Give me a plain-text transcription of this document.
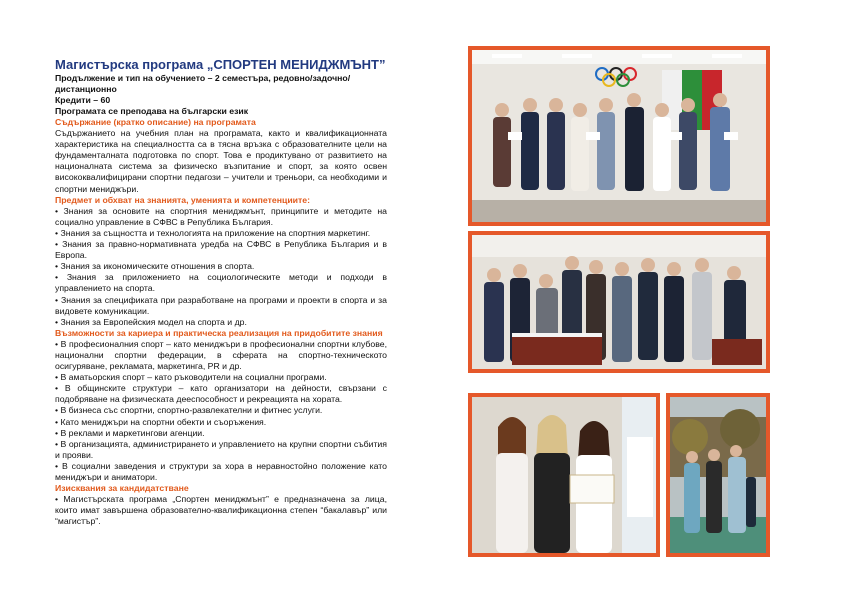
Магистърска програма „СПОРТЕН МЕНИДЖМЪНТ”
Продължение и тип на обучението – 2 семестъра, редовно/задочно/дистанционно
Кредити – 60
Програмата се преподава на български език
Съдържание (кратко описание) на програмата
Съдържанието на учебния план на програмата, както и квалификационната характеристика на специалността са в тясна връзка с образователните цели на фундаменталната подготовка по спорт. Това е продиктувано от развитието на националната система за физическо възпитание и спорт, за която освен висококвалифицирани спортни педагози – учители и треньори, са необходими и спортни мениджъри.
Предмет и обхват на знанията, уменията и компетенциите:
• Знания за основите на спортния мениджмънт, принципите и методите на социално управление в СФВС в Република България.
• Знания за същността и технологията на приложение на спортния маркетинг.
• Знания за правно-нормативната уредба на СФВС в Република България и в Европа.
• Знания за икономическите отношения в спорта.
• Знания за приложението на социологическите методи и подходи в управлението на спорта.
• Знания за спецификата при разработване на програми и проекти в спорта и за видовете комуникации.
• Знания за Европейския модел на спорта и др.
Възможности за кариера и практическа реализация на придобитите знания
• В професионалния спорт – като мениджъри в професионални спортни клубове, национални спортни федерации, в сферата на спортно-техническото осигуряване, рекламата, маркетинга, PR и др.
• В аматьорския спорт – като ръководители на социални програми.
• В общинските структури – като организатори на дейности, свързани с подобряване на физическата дееспособност и рекреацията на хората.
• В бизнеса със спортни, спортно-развлекателни и фитнес услуги.
• Като мениджъри на спортни обекти и съоръжения.
• В реклами и маркетингови агенции.
• В организацията, администрирането и управлението на крупни спортни събития и прояви.
• В социални заведения и структури за хора в неравностойно положение като мениджъри и аниматори.
Изисквания за кандидатстване
• Магистърската програма „Спортен мениджмънт” е предназначена за лица, които имат завършена образователно-квалификационна степен “бакалавър” или “магистър”.
